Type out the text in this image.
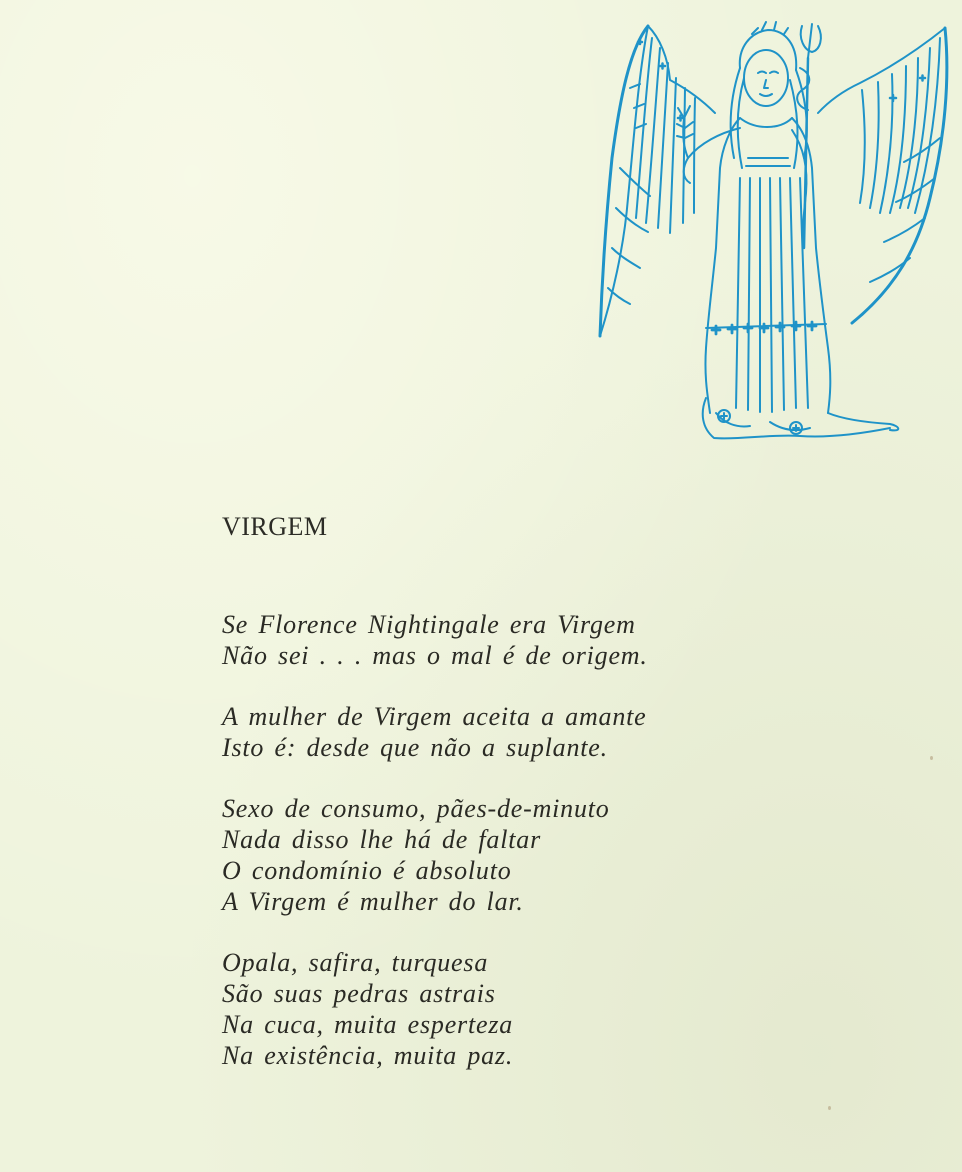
VIRGEM
Se Florence Nightingale era Virgem
Não sei . . . mas o mal é de origem.
A mulher de Virgem aceita a amante
Isto é: desde que não a suplante.
Sexo de consumo, pães-de-minuto
Nada disso lhe há de faltar
O condomínio é absoluto
A Virgem é mulher do lar.
Opala, safira, turquesa
São suas pedras astrais
Na cuca, muita esperteza
Na existência, muita paz.
